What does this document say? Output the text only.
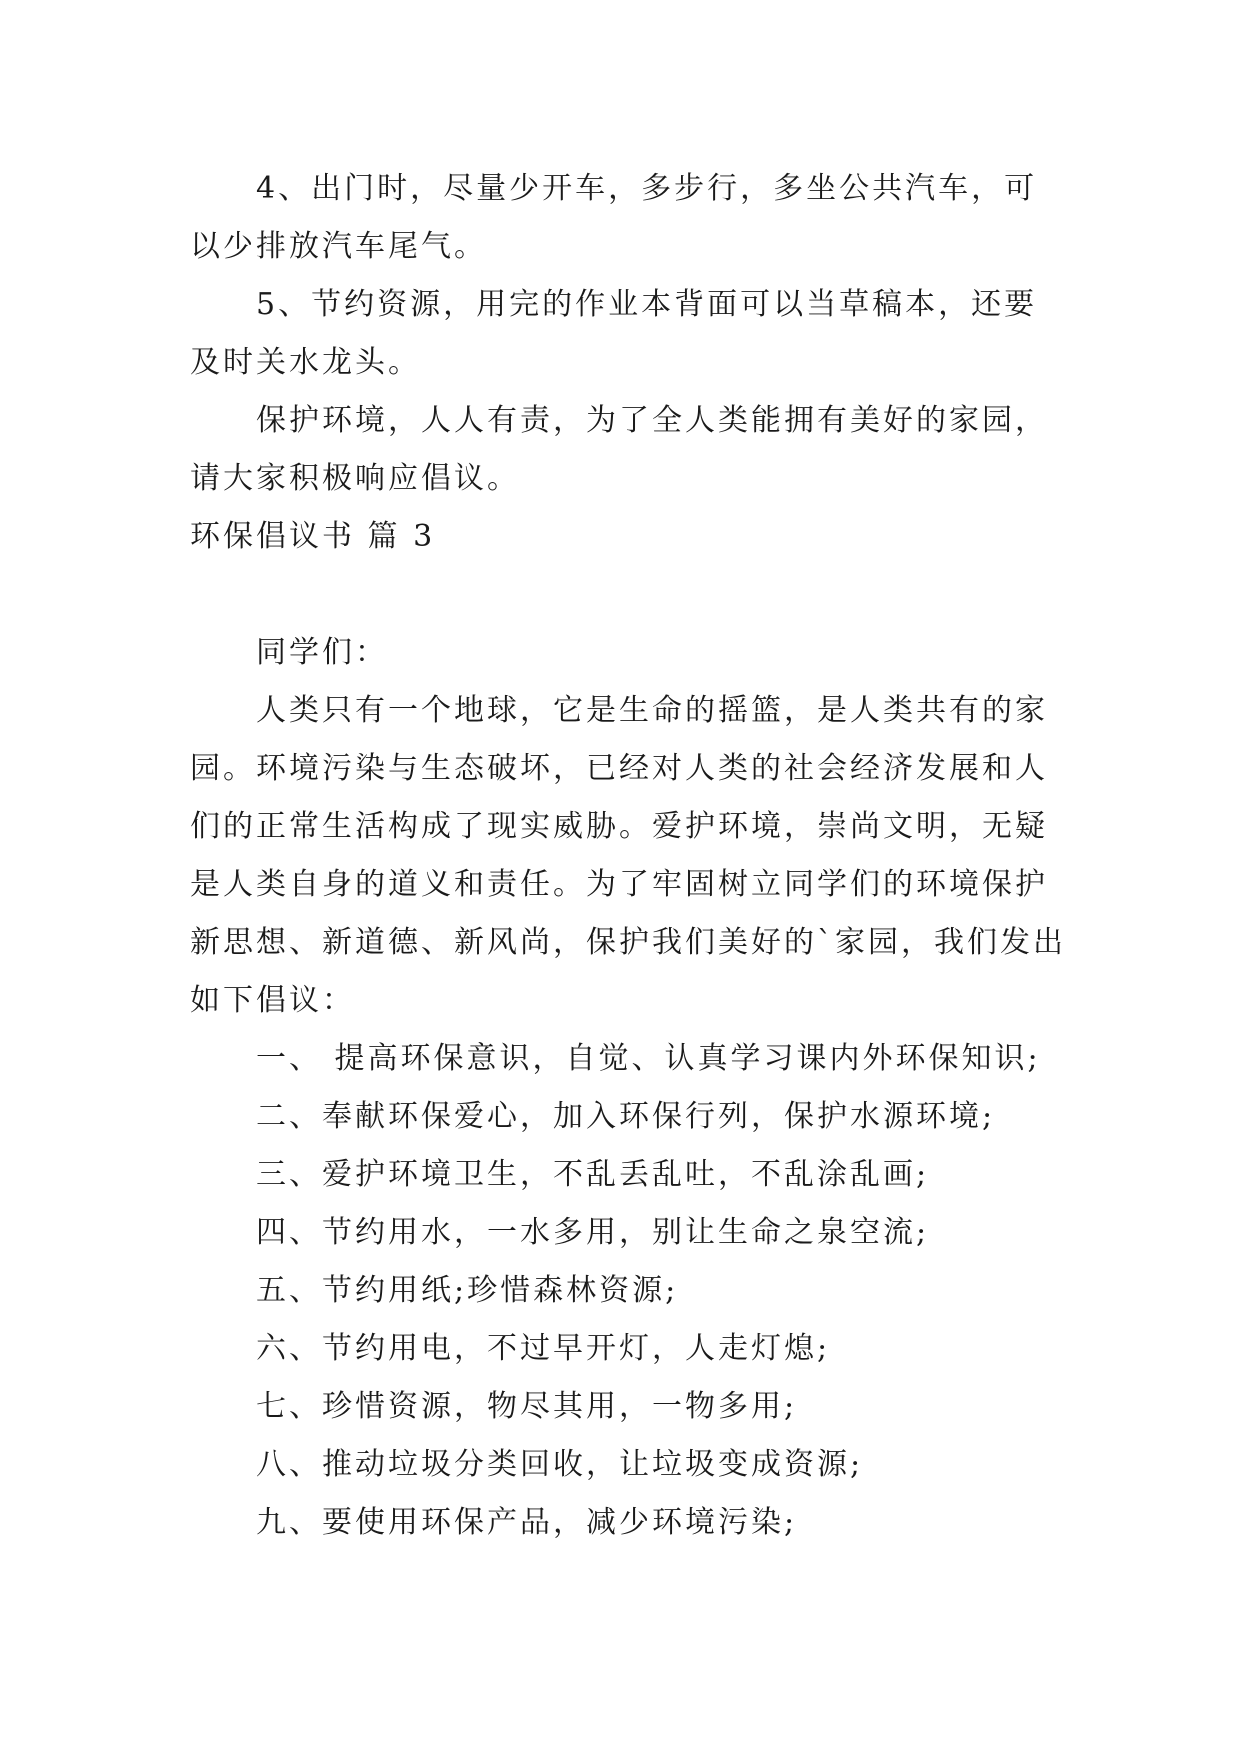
4、出门时，尽量少开车，多步行，多坐公共汽车，可以少排放汽车尾气。

5、节约资源，用完的作业本背面可以当草稿本，还要及时关水龙头。

保护环境，人人有责，为了全人类能拥有美好的家园，请大家积极响应倡议。

环保倡议书 篇 3

同学们：

人类只有一个地球，它是生命的摇篮，是人类共有的家园。环境污染与生态破坏，已经对人类的社会经济发展和人们的正常生活构成了现实威胁。爱护环境，崇尚文明，无疑是人类自身的道义和责任。为了牢固树立同学们的环境保护新思想、新道德、新风尚，保护我们美好的`家园，我们发出如下倡议：

一、 提高环保意识，自觉、认真学习课内外环保知识;

二、奉献环保爱心，加入环保行列，保护水源环境;

三、爱护环境卫生，不乱丢乱吐，不乱涂乱画;

四、节约用水，一水多用，别让生命之泉空流;

五、节约用纸;珍惜森林资源;

六、节约用电，不过早开灯，人走灯熄;

七、珍惜资源，物尽其用，一物多用;

八、推动垃圾分类回收，让垃圾变成资源;

九、要使用环保产品，减少环境污染;
